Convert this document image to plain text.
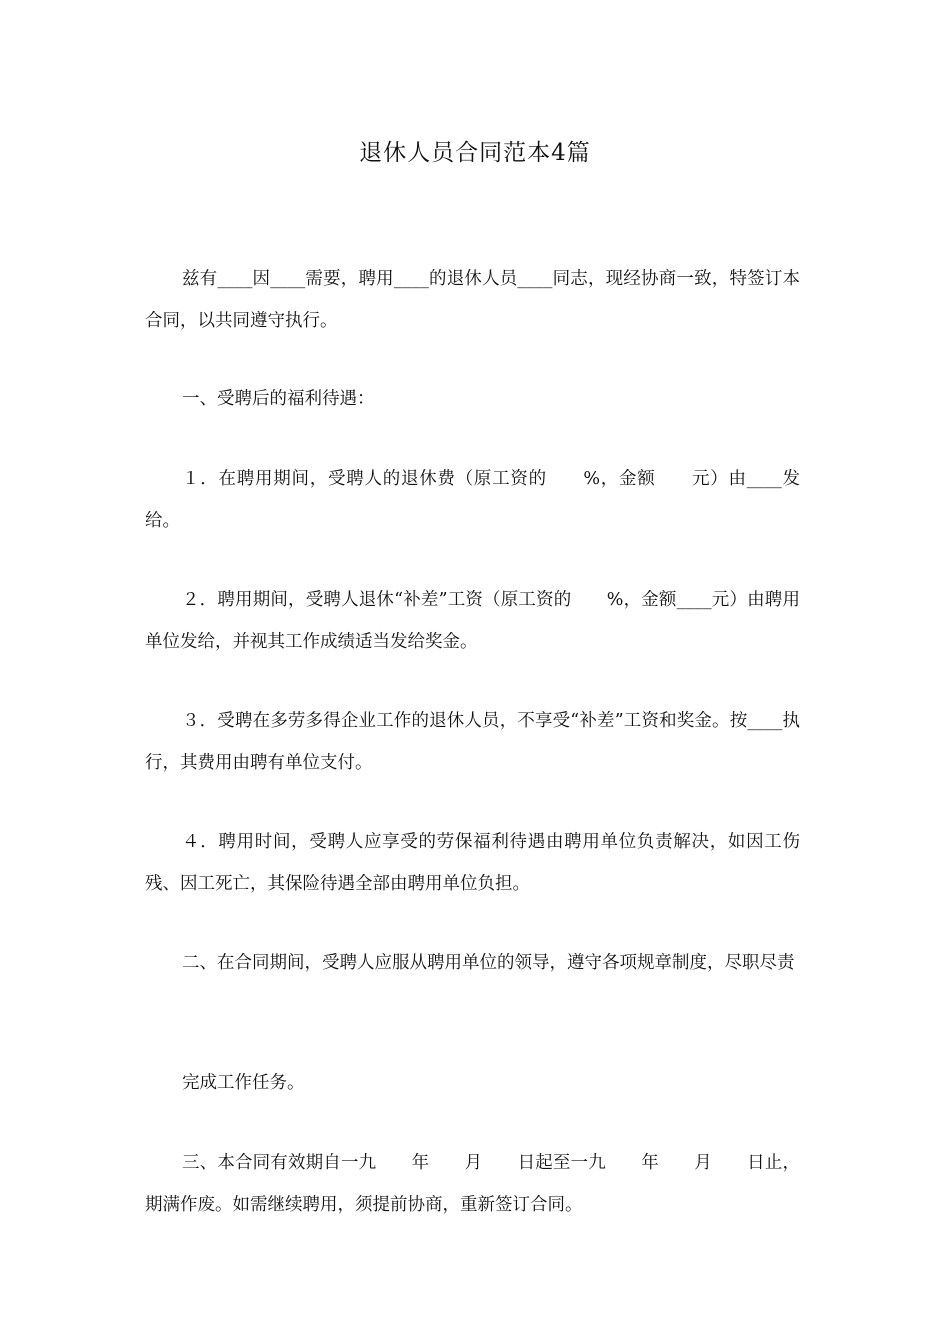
退休人员合同范本4篇
兹有____因____需要，聘用____的退休人员____同志，现经协商一致，特签订本合同，以共同遵守执行。
一、受聘后的福利待遇：
１．在聘用期间，受聘人的退休费（原工资的　　%，金额　　元）由____发给。
２．聘用期间，受聘人退休“补差”工资（原工资的　　%，金额____元）由聘用单位发给，并视其工作成绩适当发给奖金。
３．受聘在多劳多得企业工作的退休人员，不享受“补差”工资和奖金。按____执行，其费用由聘有单位支付。
４．聘用时间，受聘人应享受的劳保福利待遇由聘用单位负责解决，如因工伤残、因工死亡，其保险待遇全部由聘用单位负担。
二、在合同期间，受聘人应服从聘用单位的领导，遵守各项规章制度，尽职尽责
完成工作任务。
三、本合同有效期自一九　　年　　月　　日起至一九　　年　　月　　日止，期满作废。如需继续聘用，须提前协商，重新签订合同。
